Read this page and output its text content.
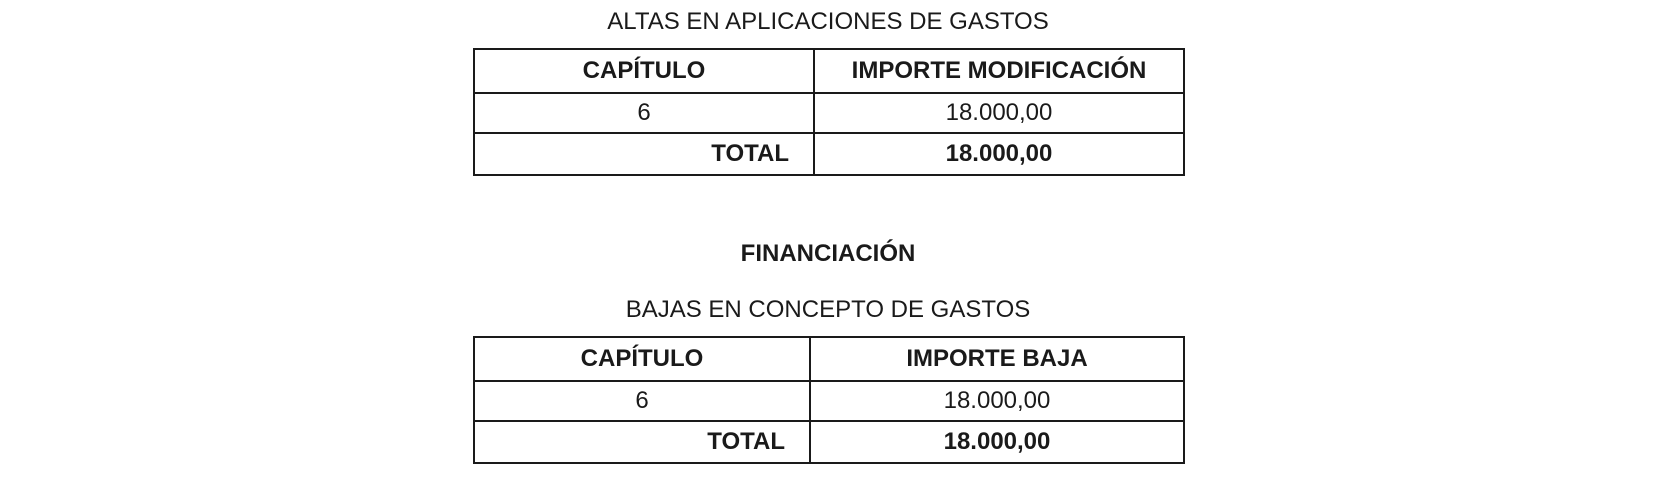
ALTAS EN APLICACIONES DE GASTOS
CAPÍTULO	IMPORTE MODIFICACIÓN
6	18.000,00
TOTAL	18.000,00
FINANCIACIÓN
BAJAS EN CONCEPTO DE GASTOS
CAPÍTULO	IMPORTE BAJA
6	18.000,00
TOTAL	18.000,00
